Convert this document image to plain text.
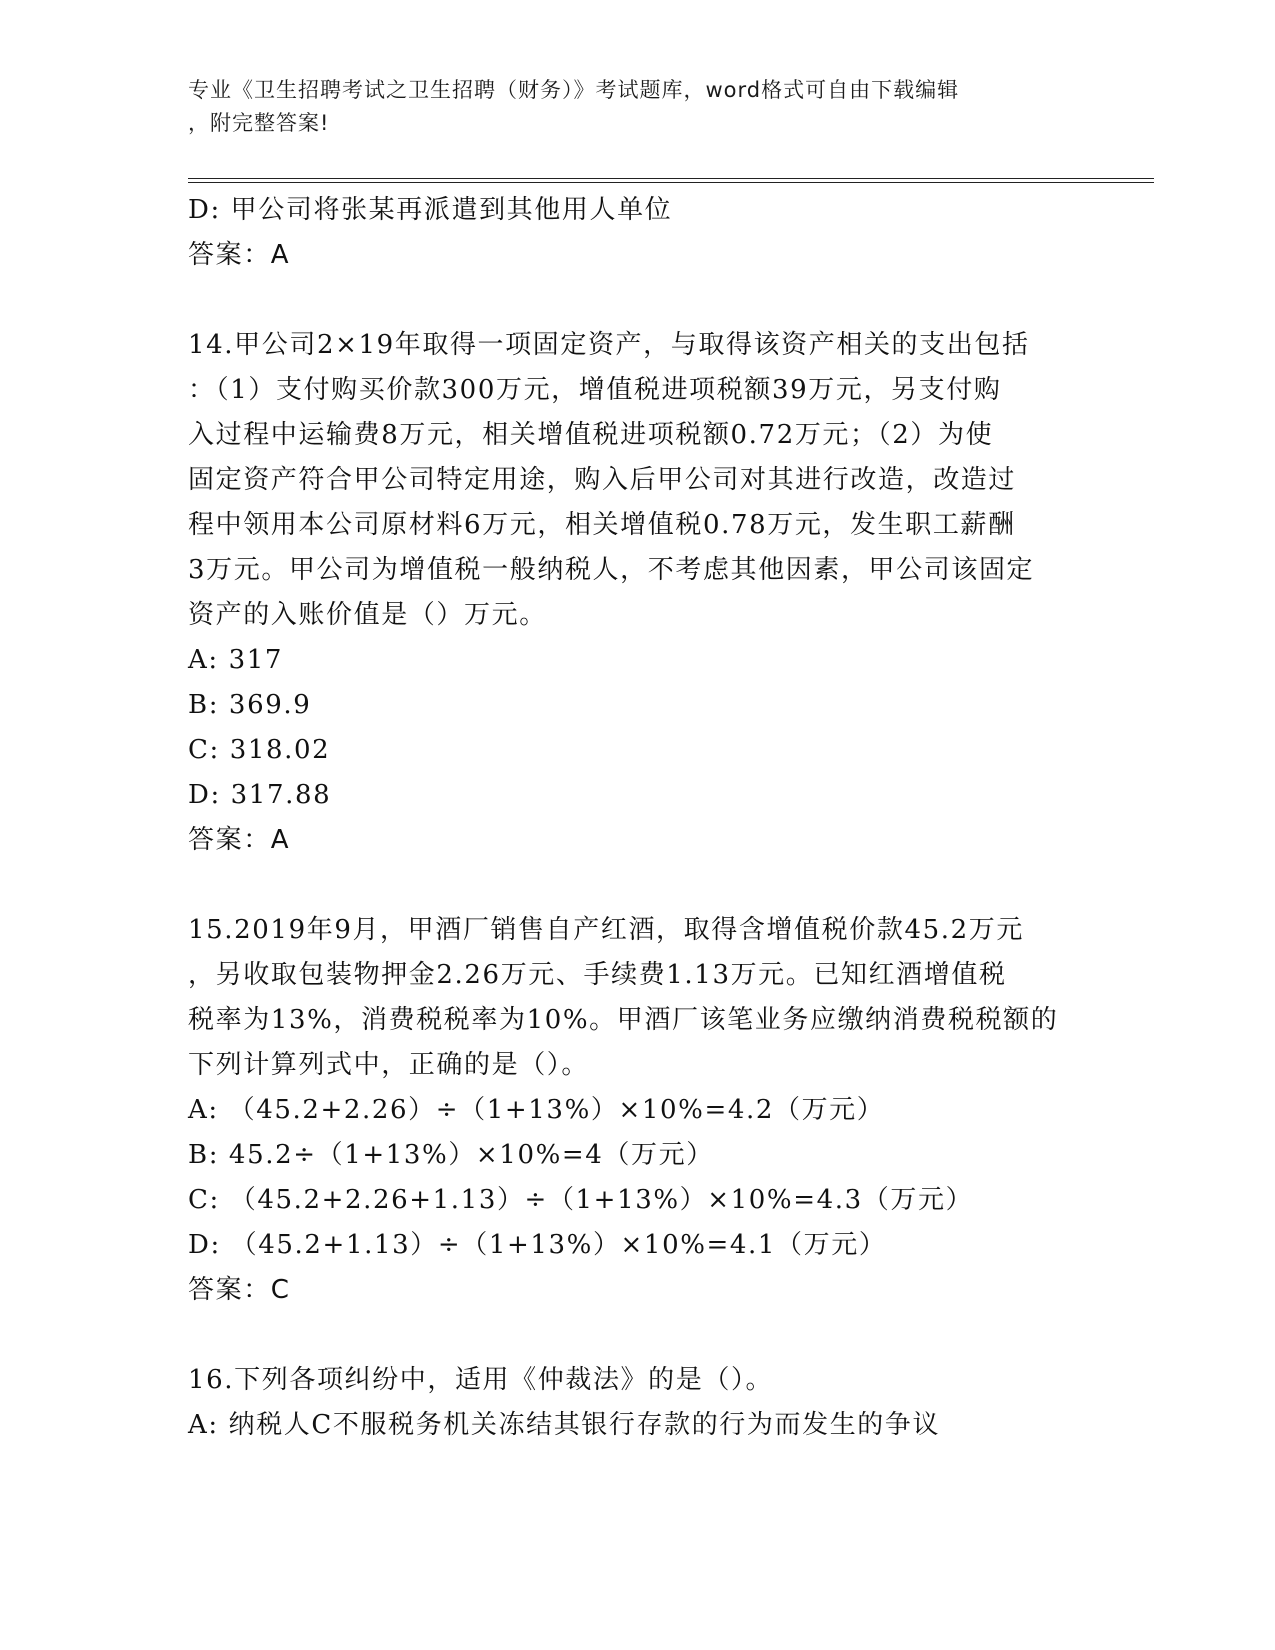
专业《卫生招聘考试之卫生招聘（财务）》考试题库，word格式可自由下载编辑
，附完整答案!
D: 甲公司将张某再派遣到其他用人单位
答案：A
14.甲公司2×19年取得一项固定资产，与取得该资产相关的支出包括
：（1）支付购买价款300万元，增值税进项税额39万元，另支付购
入过程中运输费8万元，相关增值税进项税额0.72万元；（2）为使
固定资产符合甲公司特定用途，购入后甲公司对其进行改造，改造过
程中领用本公司原材料6万元，相关增值税0.78万元，发生职工薪酬
3万元。甲公司为增值税一般纳税人，不考虑其他因素，甲公司该固定
资产的入账价值是（）万元。
A: 317
B: 369.9
C: 318.02
D: 317.88
答案：A
15.2019年9月，甲酒厂销售自产红酒，取得含增值税价款45.2万元
，另收取包装物押金2.26万元、手续费1.13万元。已知红酒增值税
税率为13%，消费税税率为10%。甲酒厂该笔业务应缴纳消费税税额的
下列计算列式中，正确的是（）。
A: （45.2+2.26）÷（1+13%）×10%=4.2（万元）
B: 45.2÷（1+13%）×10%=4（万元）
C: （45.2+2.26+1.13）÷（1+13%）×10%=4.3（万元）
D: （45.2+1.13）÷（1+13%）×10%=4.1（万元）
答案：C
16.下列各项纠纷中，适用《仲裁法》的是（）。
A: 纳税人C不服税务机关冻结其银行存款的行为而发生的争议
